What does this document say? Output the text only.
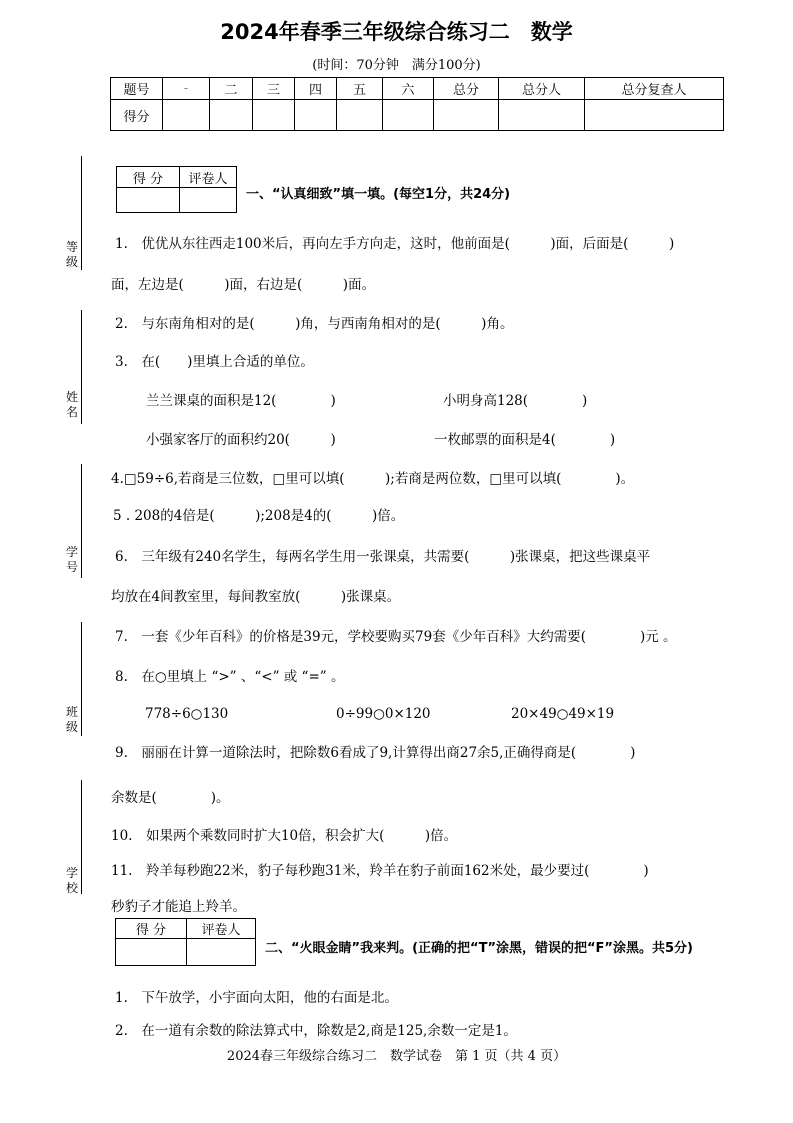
2024年春季三年级综合练习二　数学
(时间：70分钟　满分100分)
题号	-	二	三	四	五	六	总分	总分人	总分复查人
得分									
等级
姓名
学号
班级
学校
得 分	评卷人

一、“认真细致”填一填。(每空1分，共24分)
1.　优优从东往西走100米后，再向左手方向走，这时，他前面是(　　　)面，后面是(　　　)
面，左边是(　　　)面，右边是(　　　)面。
2.　与东南角相对的是(　　　)角，与西南角相对的是(　　　)角。
3.　在(　　)里填上合适的单位。
兰兰课桌的面积是12(　　　　)	小明身高128(　　　　)
小强家客厅的面积约20(　　　)	一枚邮票的面积是4(　　　　)
4.□59÷6,若商是三位数，□里可以填(　　　);若商是两位数，□里可以填(　　　　)。
5 . 208的4倍是(　　　);208是4的(　　　)倍。
6.　三年级有240名学生，每两名学生用一张课桌，共需要(　　　)张课桌，把这些课桌平
均放在4间教室里，每间教室放(　　　)张课桌。
7.　一套《少年百科》的价格是39元，学校要购买79套《少年百科》大约需要(　　　　)元 。
8.　在○里填上 “>” 、“<” 或 “=” 。
778÷6○130	0÷99○0×120	20×49○49×19
9.　丽丽在计算一道除法时，把除数6看成了9,计算得出商27余5,正确得商是(　　　　)
余数是(　　　　)。
10.　如果两个乘数同时扩大10倍，积会扩大(　　　)倍。
11.　羚羊每秒跑22米，豹子每秒跑31米，羚羊在豹子前面162米处，最少要过(　　　　)
秒豹子才能追上羚羊。
得 分	评卷人

二、“火眼金睛”我来判。(正确的把“T”涂黑，错误的把“F”涂黑。共5分)
1.　下午放学，小宇面向太阳，他的右面是北。
2.　在一道有余数的除法算式中，除数是2,商是125,余数一定是1。
2024春三年级综合练习二　数学试卷　第 1 页（共 4 页）
